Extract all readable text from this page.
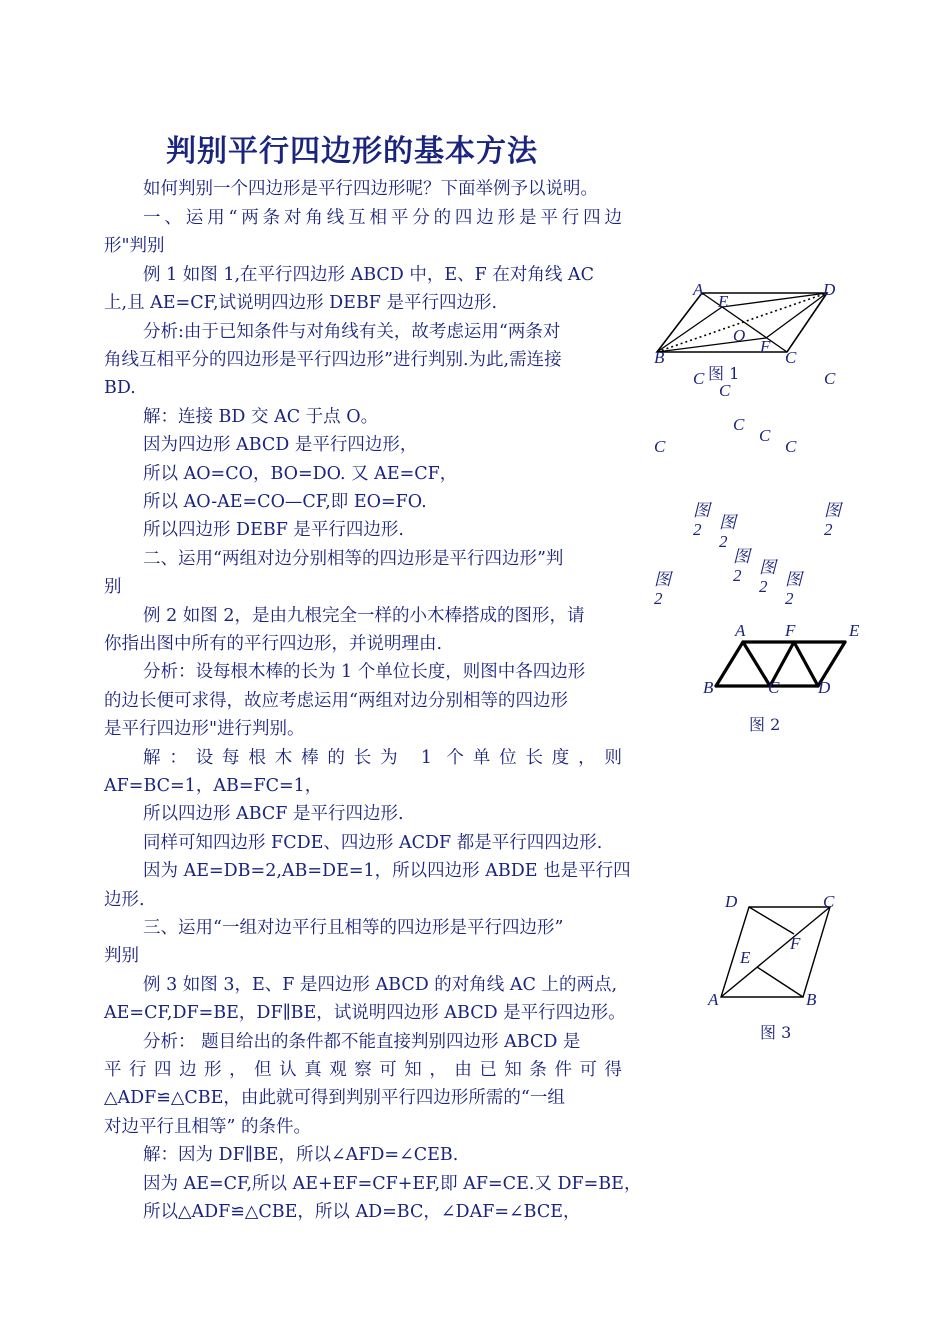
判别平行四边形的基本方法
如何判别一个四边形是平行四边形呢？下面举例予以说明。
一、运用“两条对角线互相平分的四边形是平行四边
形"判别
例 1 如图 1,在平行四边形 ABCD 中，E、F 在对角线 AC
上,且 AE=CF,试说明四边形 DEBF 是平行四边形.
分析:由于已知条件与对角线有关，故考虑运用“两条对
角线互相平分的四边形是平行四边形”进行判别.为此,需连接
BD.
解：连接 BD 交 AC 于点 O。
因为四边形 ABCD 是平行四边形，
所以 AO=CO，BO=DO. 又 AE=CF，
所以 AO-AE=CO—CF,即 EO=FO.
所以四边形 DEBF 是平行四边形.
二、运用“两组对边分别相等的四边形是平行四边形”判
别
例 2 如图 2，是由九根完全一样的小木棒搭成的图形，请
你指出图中所有的平行四边形，并说明理由.
分析：设每根木棒的长为 1 个单位长度，则图中各四边形
的边长便可求得，故应考虑运用“两组对边分别相等的四边形
是平行四边形"进行判别。
解：设每根木棒的长为 1 个单位长度，则
AF=BC=1，AB=FC=1，
所以四边形 ABCF 是平行四边形.
同样可知四边形 FCDE、四边形 ACDF 都是平行四四边形.
因为 AE=DB=2,AB=DE=1，所以四边形 ABDE 也是平行四
边形.
三、运用“一组对边平行且相等的四边形是平行四边形”
判别
例 3 如图 3，E、F 是四边形 ABCD 的对角线 AC 上的两点,
AE=CF,DF=BE，DF∥BE，试说明四边形 ABCD 是平行四边形。
分析： 题目给出的条件都不能直接判别四边形 ABCD 是
平行四边形，但认真观察可知，由已知条件可得
△ADF≌△CBE，由此就可得到判别平行四边形所需的“一组
对边平行且相等” 的条件。
解：因为 DF∥BE，所以∠AFD=∠CEB.
因为 AE=CF,所以 AE+EF=CF+EF,即 AF=CE.又 DF=BE，
所以△ADF≌△CBE，所以 AD=BC，∠DAF=∠BCE，
A	D
E
O
F
B	C
图 1
C
C
C
C
C
C	C
图
2	图
2
图
2
图
2	图
2
图
2
图
2
A F	E
B	C D
图 2
D	C
F
E
A	B
图 3
